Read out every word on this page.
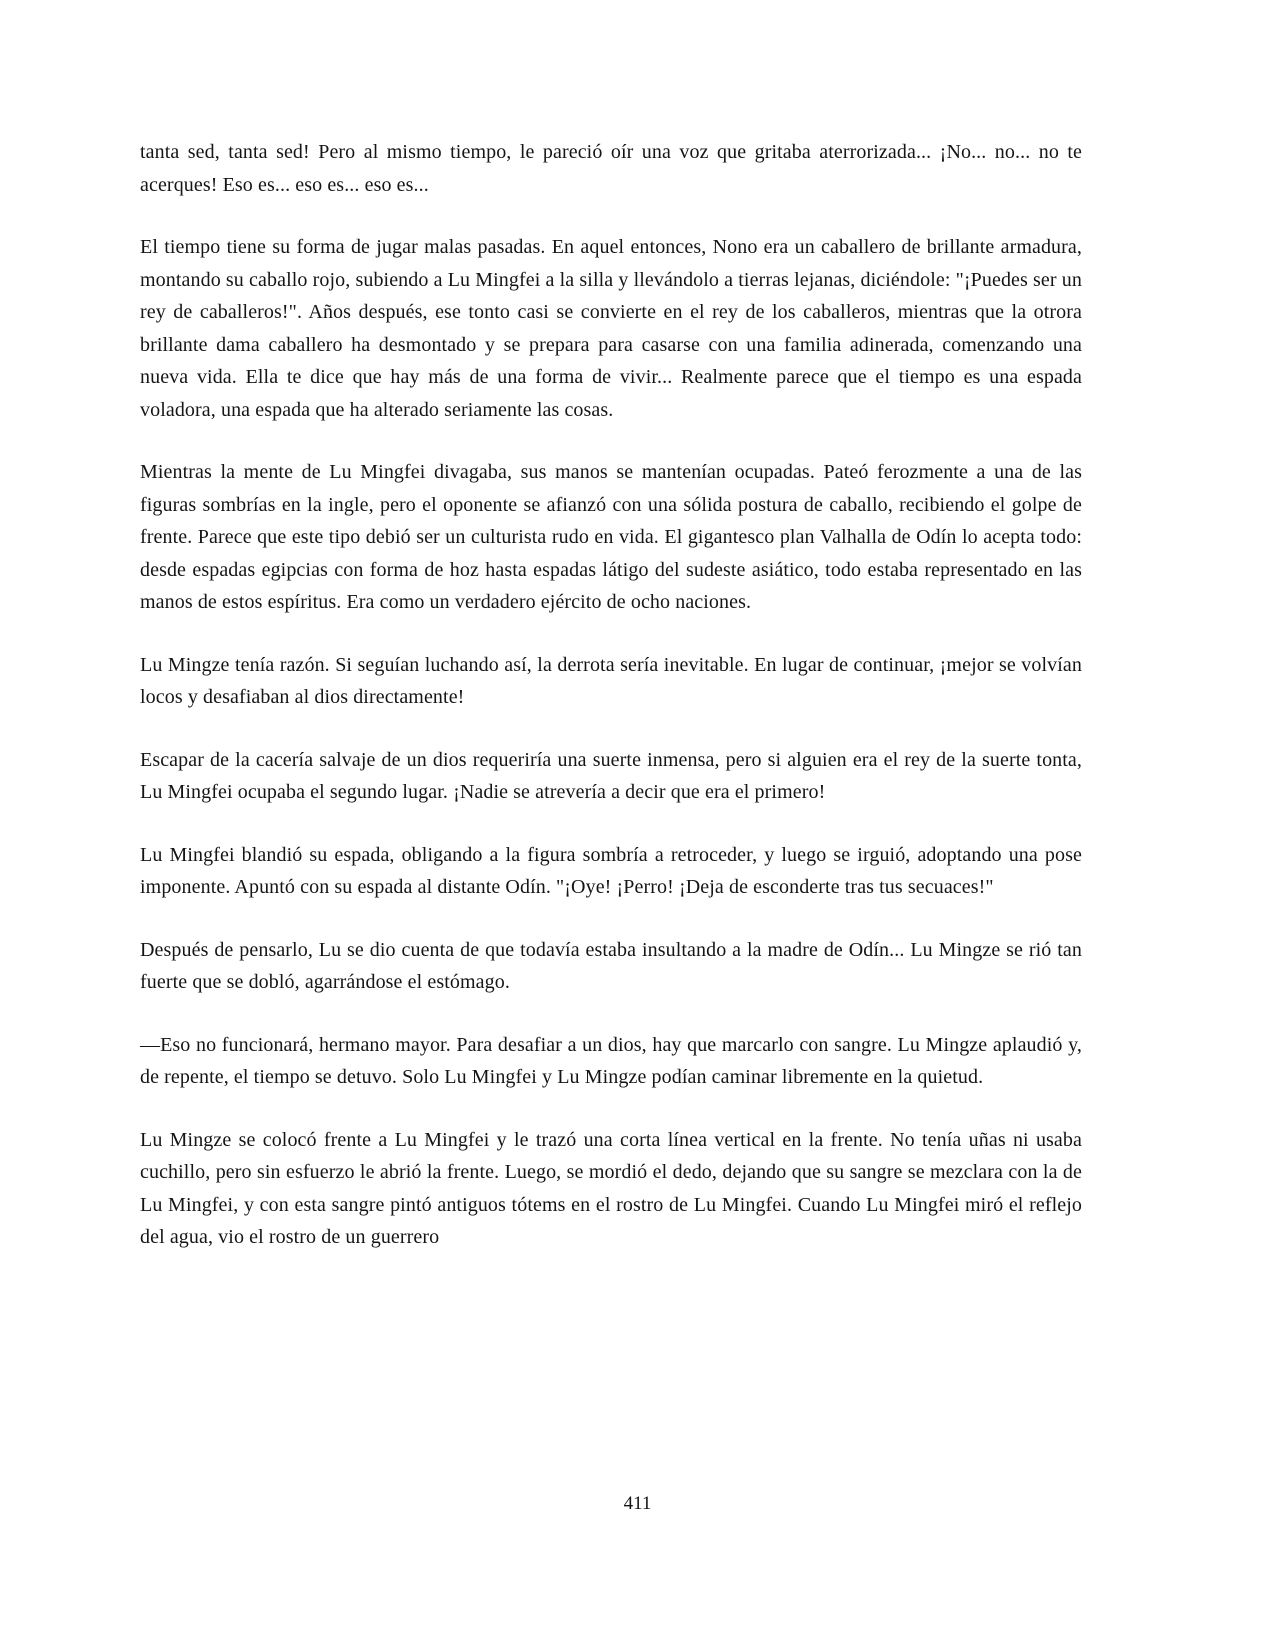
tanta sed, tanta sed! Pero al mismo tiempo, le pareció oír una voz que gritaba aterrorizada... ¡No... no... no te acerques! Eso es... eso es... eso es...

El tiempo tiene su forma de jugar malas pasadas. En aquel entonces, Nono era un caballero de brillante armadura, montando su caballo rojo, subiendo a Lu Mingfei a la silla y llevándolo a tierras lejanas, diciéndole: "¡Puedes ser un rey de caballeros!". Años después, ese tonto casi se convierte en el rey de los caballeros, mientras que la otrora brillante dama caballero ha desmontado y se prepara para casarse con una familia adinerada, comenzando una nueva vida. Ella te dice que hay más de una forma de vivir... Realmente parece que el tiempo es una espada voladora, una espada que ha alterado seriamente las cosas.

Mientras la mente de Lu Mingfei divagaba, sus manos se mantenían ocupadas. Pateó ferozmente a una de las figuras sombrías en la ingle, pero el oponente se afianzó con una sólida postura de caballo, recibiendo el golpe de frente. Parece que este tipo debió ser un culturista rudo en vida. El gigantesco plan Valhalla de Odín lo acepta todo: desde espadas egipcias con forma de hoz hasta espadas látigo del sudeste asiático, todo estaba representado en las manos de estos espíritus. Era como un verdadero ejército de ocho naciones.

Lu Mingze tenía razón. Si seguían luchando así, la derrota sería inevitable. En lugar de continuar, ¡mejor se volvían locos y desafiaban al dios directamente!

Escapar de la cacería salvaje de un dios requeriría una suerte inmensa, pero si alguien era el rey de la suerte tonta, Lu Mingfei ocupaba el segundo lugar. ¡Nadie se atrevería a decir que era el primero!

Lu Mingfei blandió su espada, obligando a la figura sombría a retroceder, y luego se irguió, adoptando una pose imponente. Apuntó con su espada al distante Odín. "¡Oye! ¡Perro! ¡Deja de esconderte tras tus secuaces!"

Después de pensarlo, Lu se dio cuenta de que todavía estaba insultando a la madre de Odín... Lu Mingze se rió tan fuerte que se dobló, agarrándose el estómago.

—Eso no funcionará, hermano mayor. Para desafiar a un dios, hay que marcarlo con sangre. Lu Mingze aplaudió y, de repente, el tiempo se detuvo. Solo Lu Mingfei y Lu Mingze podían caminar libremente en la quietud.

Lu Mingze se colocó frente a Lu Mingfei y le trazó una corta línea vertical en la frente. No tenía uñas ni usaba cuchillo, pero sin esfuerzo le abrió la frente. Luego, se mordió el dedo, dejando que su sangre se mezclara con la de Lu Mingfei, y con esta sangre pintó antiguos tótems en el rostro de Lu Mingfei. Cuando Lu Mingfei miró el reflejo del agua, vio el rostro de un guerrero

411
